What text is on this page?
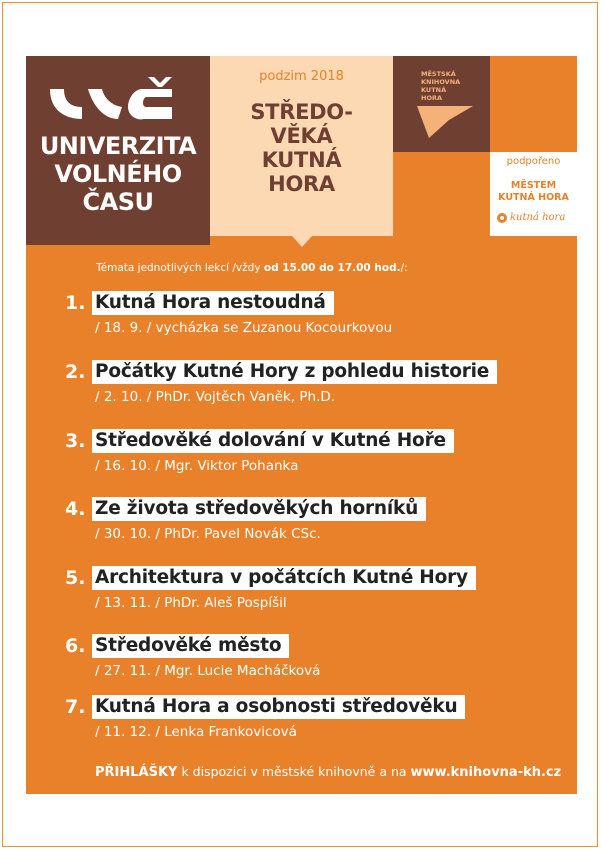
UNIVERZITA
VOLNÉHO
ČASU
podzim 2018
STŘEDO-
VĚKÁ
KUTNÁ
HORA
MĚSTSKÁ
KNIHOVNA
KUTNÁ
HORA
podpořeno
MĚSTEM
KUTNÁ HORA
kutná hora
Témata jednotlivých lekcí /vždy od 15.00 do 17.00 hod./:
1. Kutná Hora nestoudná
/ 18. 9. / vycházka se Zuzanou Kocourkovou
2. Počátky Kutné Hory z pohledu historie
/ 2. 10. / PhDr. Vojtěch Vaněk, Ph.D.
3. Středověké dolování v Kutné Hoře
/ 16. 10. / Mgr. Viktor Pohanka
4. Ze života středověkých horníků
/ 30. 10. / PhDr. Pavel Novák CSc.
5. Architektura v počátcích Kutné Hory
/ 13. 11. / PhDr. Aleš Pospíšil
6. Středověké město
/ 27. 11. / Mgr. Lucie Macháčková
7. Kutná Hora a osobnosti středověku
/ 11. 12. / Lenka Frankovicová
PŘIHLÁŠKY k dispozici v městské knihovně a na www.knihovna-kh.cz
